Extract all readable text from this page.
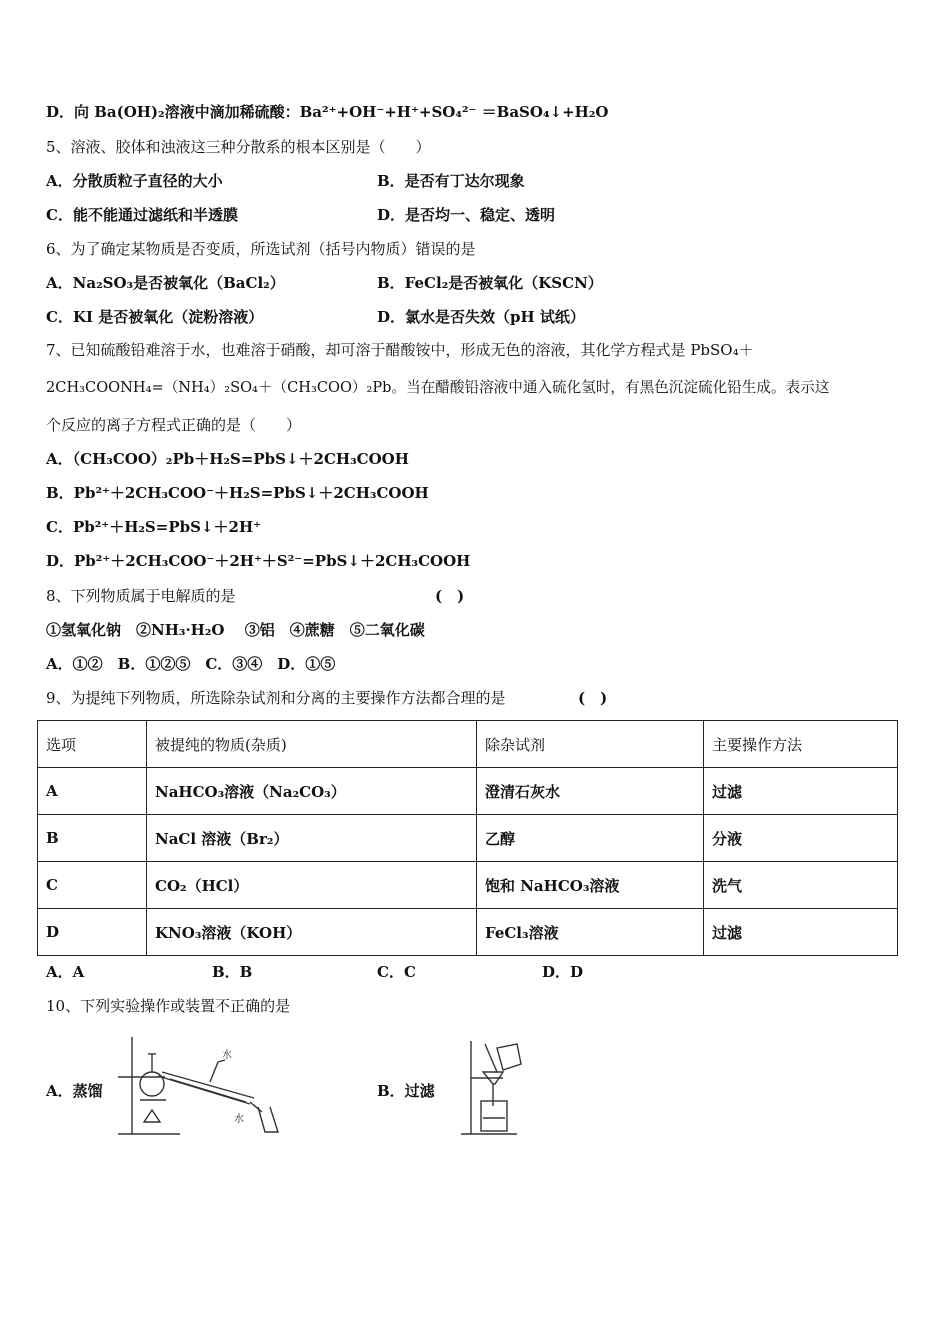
D．向 Ba(OH)₂溶液中滴加稀硫酸：Ba²⁺+OH⁻+H⁺+SO₄²⁻ ＝BaSO₄↓+H₂O
5、溶液、胶体和浊液这三种分散系的根本区别是（　　）
A．分散质粒子直径的大小	B．是否有丁达尔现象
C．能不能通过滤纸和半透膜	D．是否均一、稳定、透明
6、为了确定某物质是否变质，所选试剂（括号内物质）错误的是
A．Na₂SO₃是否被氧化（BaCl₂）	B．FeCl₂是否被氧化（KSCN）
C．KI 是否被氧化（淀粉溶液）	D．氯水是否失效（pH 试纸）
7、已知硫酸铅难溶于水，也难溶于硝酸，却可溶于醋酸铵中，形成无色的溶液，其化学方程式是 PbSO₄＋
2CH₃COONH₄=（NH₄）₂SO₄＋（CH₃COO）₂Pb。当在醋酸铅溶液中通入硫化氢时，有黑色沉淀硫化铅生成。表示这
个反应的离子方程式正确的是（　　）
A．（CH₃COO）₂Pb＋H₂S=PbS↓＋2CH₃COOH
B．Pb²⁺＋2CH₃COO⁻＋H₂S=PbS↓＋2CH₃COOH
C．Pb²⁺＋H₂S=PbS↓＋2H⁺
D．Pb²⁺＋2CH₃COO⁻＋2H⁺＋S²⁻=PbS↓＋2CH₃COOH
8、下列物质属于电解质的是	(　)
①氢氧化钠　②NH₃·H₂O　 ③铝　④蔗糖　⑤二氧化碳
A．①②　B．①②⑤　C．③④　D．①⑤
9、为提纯下列物质，所选除杂试剂和分离的主要操作方法都合理的是	(　)
选项	被提纯的物质(杂质)	除杂试剂	主要操作方法
A	NaHCO₃溶液（Na₂CO₃）	澄清石灰水	过滤
B	NaCl 溶液（Br₂）	乙醇	分液
C	CO₂（HCl）	饱和 NaHCO₃溶液	洗气
D	KNO₃溶液（KOH）	FeCl₃溶液	过滤
A．A	B．B	C．C	D．D
10、下列实验操作或装置不正确的是
A．蒸馏	B．过滤
水
水
